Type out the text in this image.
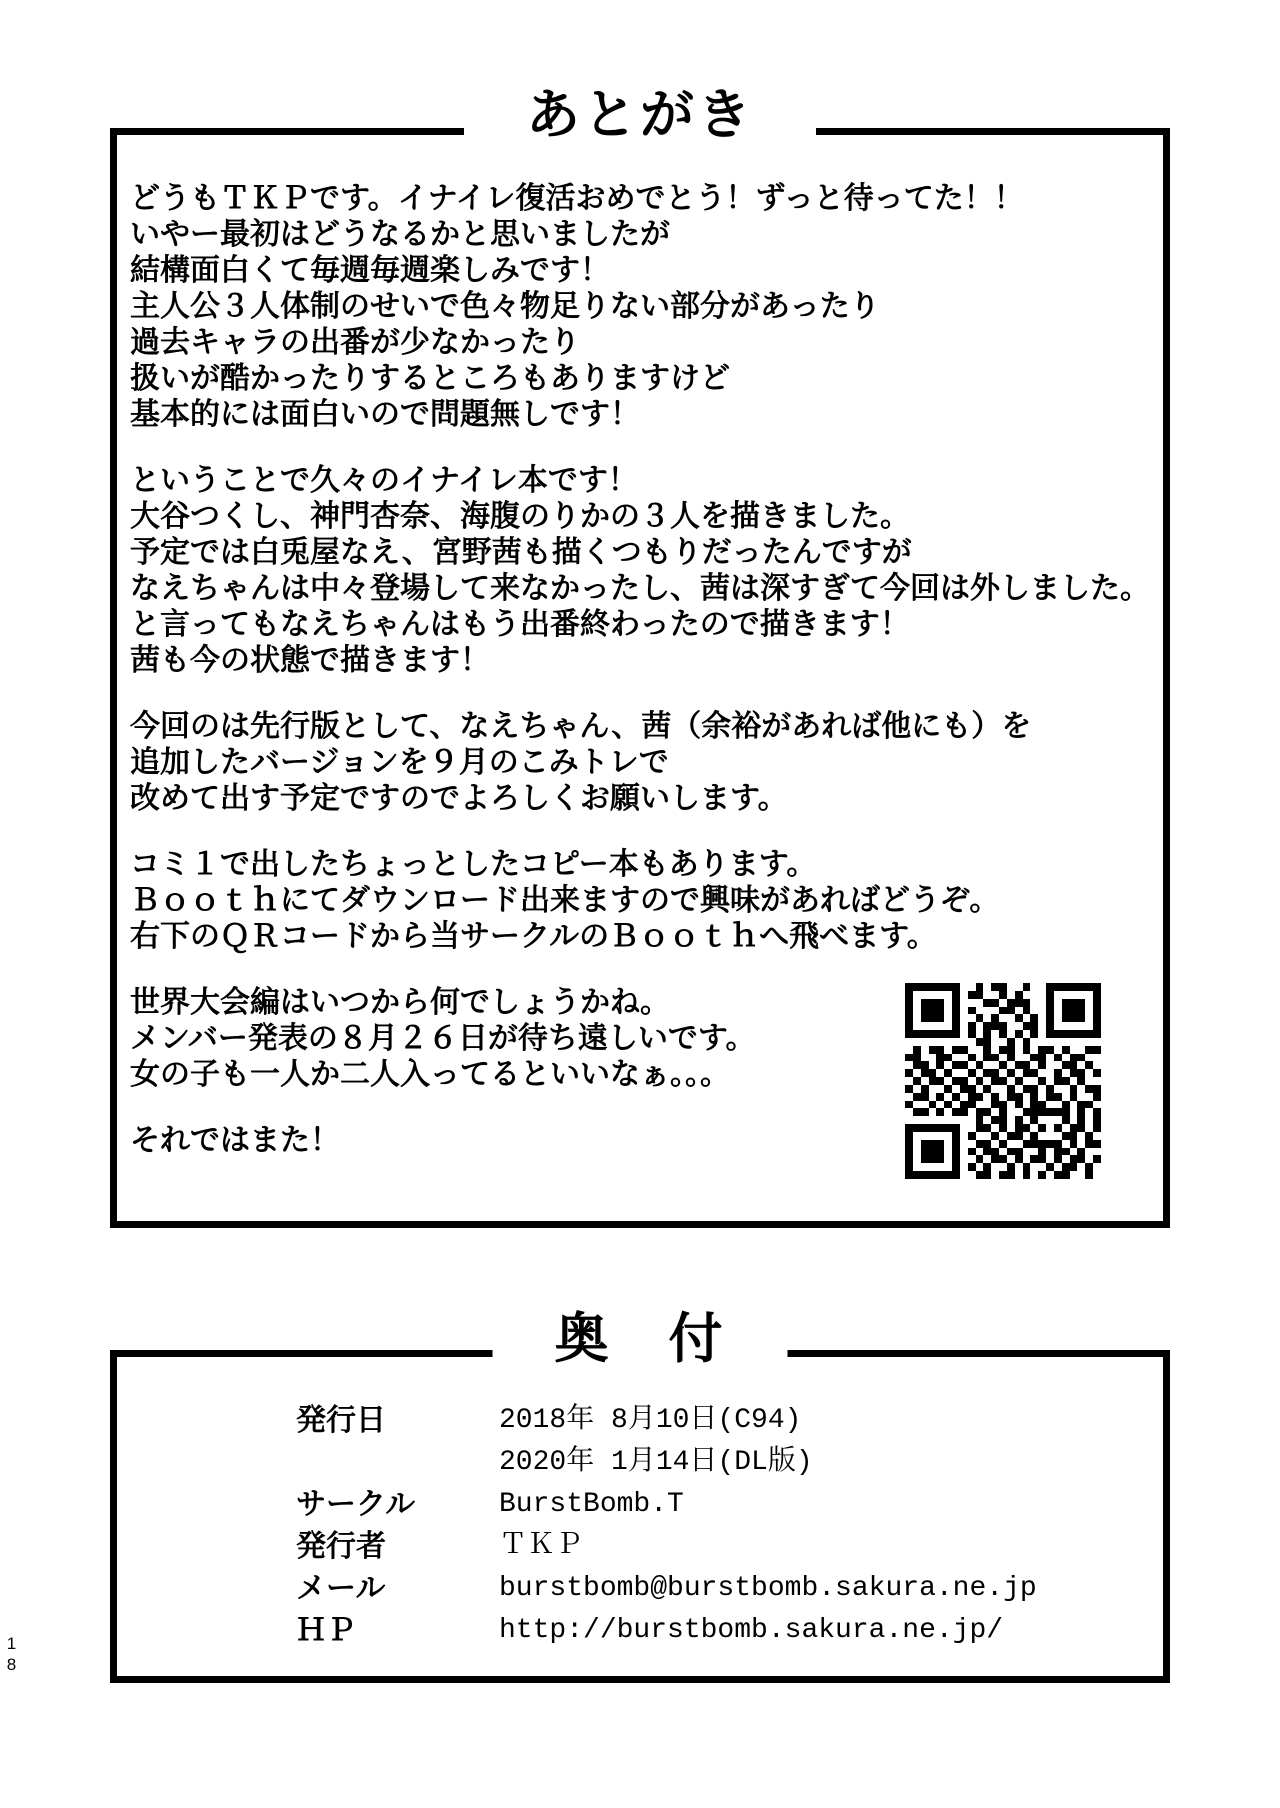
あとがき
どうもＴＫＰです。イナイレ復活おめでとう！ずっと待ってた！！
いやー最初はどうなるかと思いましたが
結構面白くて毎週毎週楽しみです！
主人公３人体制のせいで色々物足りない部分があったり
過去キャラの出番が少なかったり
扱いが酷かったりするところもありますけど
基本的には面白いので問題無しです！
ということで久々のイナイレ本です！
大谷つくし、神門杏奈、海腹のりかの３人を描きました。
予定では白兎屋なえ、宮野茜も描くつもりだったんですが
なえちゃんは中々登場して来なかったし、茜は深すぎて今回は外しました。
と言ってもなえちゃんはもう出番終わったので描きます！
茜も今の状態で描きます！
今回のは先行版として、なえちゃん、茜（余裕があれば他にも）を
追加したバージョンを９月のこみトレで
改めて出す予定ですのでよろしくお願いします。
コミ１で出したちょっとしたコピー本もあります。
Ｂｏｏｔｈにてダウンロード出来ますので興味があればどうぞ。
右下のＱＲコードから当サークルのＢｏｏｔｈへ飛べます。
世界大会編はいつから何でしょうかね。
メンバー発表の８月２６日が待ち遠しいです。
女の子も一人か二人入ってるといいなぁ。。。
それではまた！
奥　付
発行日	2018年 8月10日(C94)
2020年 1月14日(DL版)
サークル	BurstBomb.T
発行者	ＴＫＰ
メール	burstbomb@burstbomb.sakura.ne.jp
ＨＰ	http://burstbomb.sakura.ne.jp/
18
